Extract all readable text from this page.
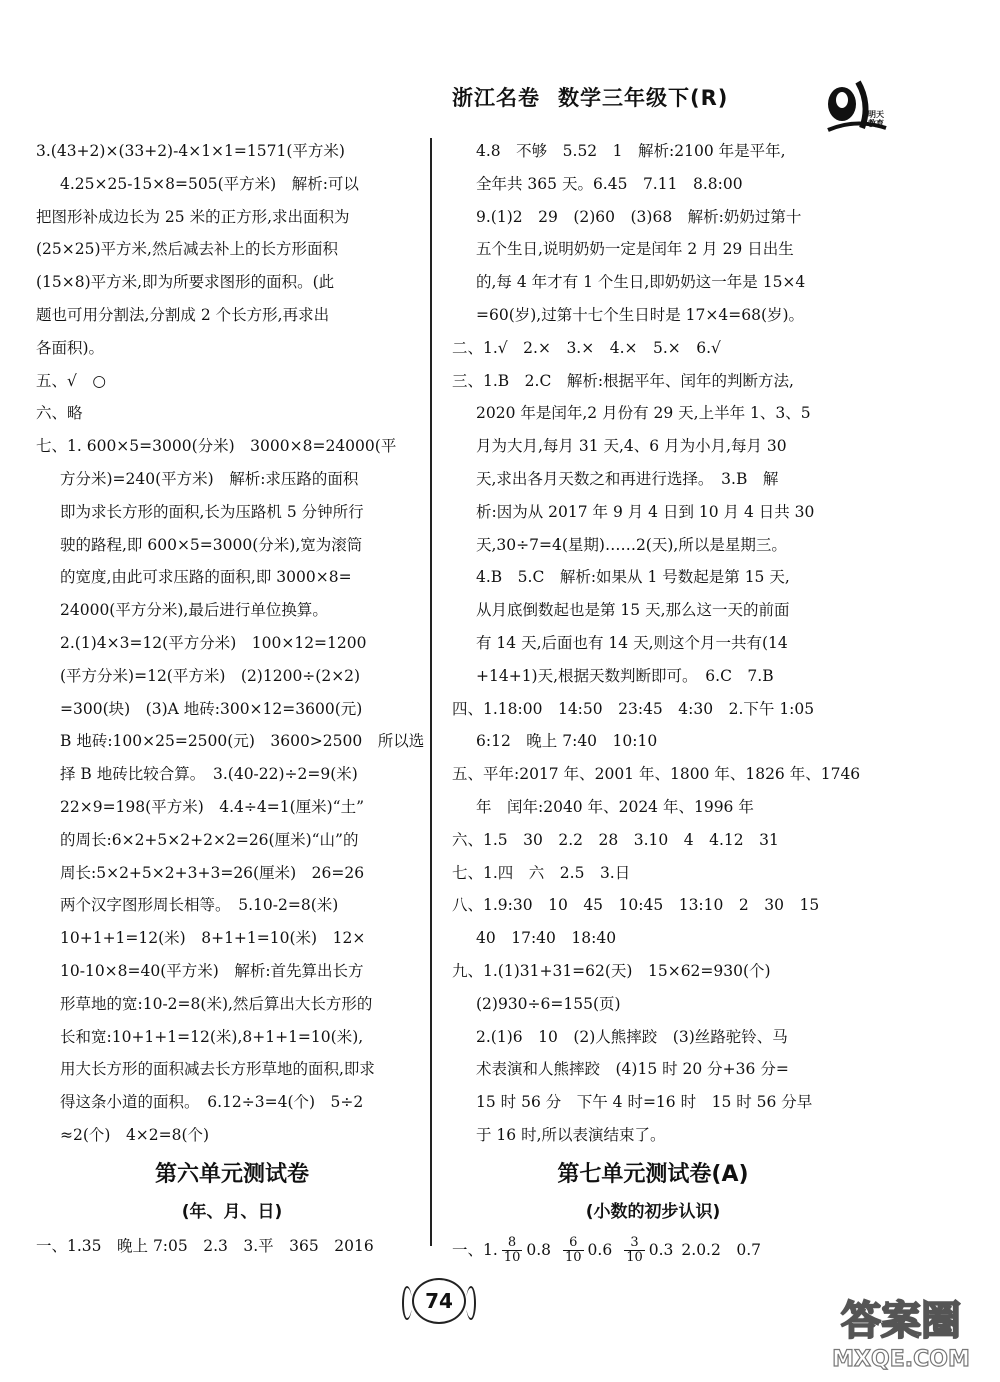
浙江名卷 数学三年级下(R)
明天教育
3.(43+2)×(33+2)-4×1×1=1571(平方米)
4.25×25-15×8=505(平方米)　解析:可以
把图形补成边长为 25 米的正方形,求出面积为
(25×25)平方米,然后减去补上的长方形面积
(15×8)平方米,即为所要求图形的面积。(此
题也可用分割法,分割成 2 个长方形,再求出
各面积)。
五、√　○
六、略
七、1. 600×5=3000(分米)　3000×8=24000(平
方分米)=240(平方米)　解析:求压路的面积
即为求长方形的面积,长为压路机 5 分钟所行
驶的路程,即 600×5=3000(分米),宽为滚筒
的宽度,由此可求压路的面积,即 3000×8=
24000(平方分米),最后进行单位换算。
2.(1)4×3=12(平方分米)　100×12=1200
(平方分米)=12(平方米)　(2)1200÷(2×2)
=300(块)　(3)A 地砖:300×12=3600(元)
B 地砖:100×25=2500(元)　3600>2500　所以选
择 B 地砖比较合算。　3.(40-22)÷2=9(米)
22×9=198(平方米)　4.4÷4=1(厘米)“土”
的周长:6×2+5×2+2×2=26(厘米)“山”的
周长:5×2+5×2+3+3=26(厘米)　26=26
两个汉字图形周长相等。　5.10-2=8(米)
10+1+1=12(米)　8+1+1=10(米)　12×
10-10×8=40(平方米)　解析:首先算出长方
形草地的宽:10-2=8(米),然后算出大长方形的
长和宽:10+1+1=12(米),8+1+1=10(米),
用大长方形的面积减去长方形草地的面积,即求
得这条小道的面积。　6.12÷3=4(个)　5÷2
≈2(个)　4×2=8(个)
第六单元测试卷
(年、月、日)
一、1.35　晚上 7:05　2.3　3.平　365　2016
4.8　不够　5.52　1　解析:2100 年是平年,
全年共 365 天。6.45　7.11　8.8:00
9.(1)2　29　(2)60　(3)68　解析:奶奶过第十
五个生日,说明奶奶一定是闰年 2 月 29 日出生
的,每 4 年才有 1 个生日,即奶奶这一年是 15×4
=60(岁),过第十七个生日时是 17×4=68(岁)。
二、1.√　2.×　3.×　4.×　5.×　6.√
三、1.B　2.C　解析:根据平年、闰年的判断方法,
2020 年是闰年,2 月份有 29 天,上半年 1、3、5
月为大月,每月 31 天,4、6 月为小月,每月 30
天,求出各月天数之和再进行选择。　3.B　解
析:因为从 2017 年 9 月 4 日到 10 月 4 日共 30
天,30÷7=4(星期)……2(天),所以是星期三。
4.B　5.C　解析:如果从 1 号数起是第 15 天,
从月底倒数起也是第 15 天,那么这一天的前面
有 14 天,后面也有 14 天,则这个月一共有(14
+14+1)天,根据天数判断即可。　6.C　7.B
四、1.18:00　14:50　23:45　4:30　2.下午 1:05
6:12　晚上 7:40　10:10
五、平年:2017 年、2001 年、1800 年、1826 年、1746
年　闰年:2040 年、2024 年、1996 年
六、1.5　30　2.2　28　3.10　4　4.12　31
七、1.四　六　2.5　3.日
八、1.9:30　10　45　10:45　13:10　2　30　15
40　17:40　18:40
九、1.(1)31+31=62(天)　15×62=930(个)
(2)930÷6=155(页)
2.(1)6　10　(2)人熊摔跤　(3)丝路驼铃、马
术表演和人熊摔跤　(4)15 时 20 分+36 分=
15 时 56 分　下午 4 时=16 时　15 时 56 分早
于 16 时,所以表演结束了。
第七单元测试卷(A)
(小数的初步认识)
一、1. $\frac{8}{10} 0.8 \frac{6}{10} 0.6 \frac{3}{10} 0.3$ 2.0.2　0.7
74	答案圈
MXQE.COM
